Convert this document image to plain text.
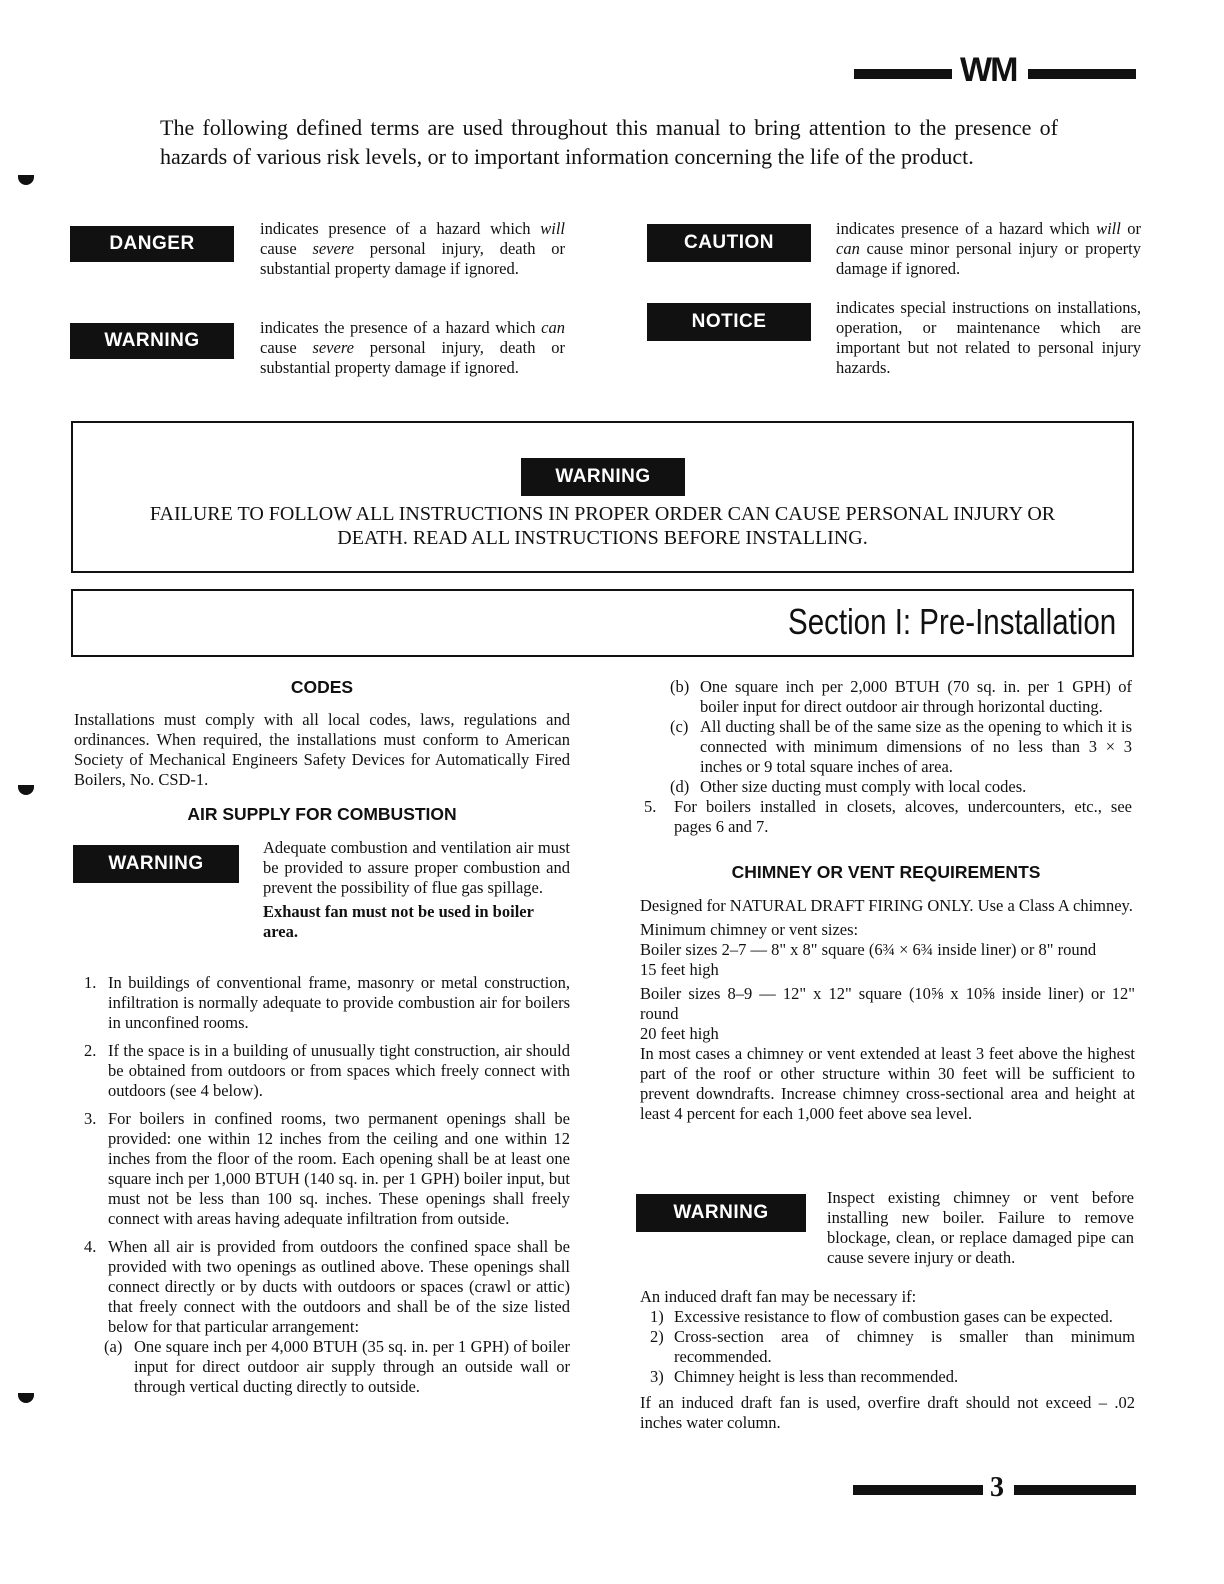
WM
The following defined terms are used throughout this manual to bring attention to the presence of hazards of various risk levels, or to important information concerning the life of the product.
DANGER
indicates presence of a hazard which will cause severe personal injury, death or substantial property damage if ignored.
WARNING
indicates the presence of a hazard which can cause severe personal injury, death or substantial property damage if ignored.
CAUTION
indicates presence of a hazard which will or can cause minor personal injury or property damage if ignored.
NOTICE
indicates special instructions on installations, operation, or maintenance which are important but not related to personal injury hazards.
WARNING
FAILURE TO FOLLOW ALL INSTRUCTIONS IN PROPER ORDER CAN CAUSE PERSONAL INJURY OR
DEATH. READ ALL INSTRUCTIONS BEFORE INSTALLING.
Section I: Pre-Installation
CODES
Installations must comply with all local codes, laws, regulations and ordinances. When required, the installations must conform to American Society of Mechanical Engineers Safety Devices for Automatically Fired Boilers, No. CSD-1.
AIR SUPPLY FOR COMBUSTION
WARNING

Adequate combustion and ventilation air must be provided to assure proper combustion and prevent the possibility of flue gas spillage.

Exhaust fan must not be used in boiler area.

1. In buildings of conventional frame, masonry or metal construction, infiltration is normally adequate to provide combustion air for boilers in unconfined rooms.
2. If the space is in a building of unusually tight construction, air should be obtained from outdoors or from spaces which freely connect with outdoors (see 4 below).
3. For boilers in confined rooms, two permanent openings shall be provided: one within 12 inches from the ceiling and one within 12 inches from the floor of the room. Each opening shall be at least one square inch per 1,000 BTUH (140 sq. in. per 1 GPH) boiler input, but must not be less than 100 sq. inches. These openings shall freely connect with areas having adequate infiltration from outside.
4. When all air is provided from outdoors the confined space shall be provided with two openings as outlined above. These openings shall connect directly or by ducts with outdoors or spaces (crawl or attic) that freely connect with the outdoors and shall be of the size listed below for that particular arrangement:
(a) One square inch per 4,000 BTUH (35 sq. in. per 1 GPH) of boiler input for direct outdoor air supply through an outside wall or through vertical ducting directly to outside.
(b) One square inch per 2,000 BTUH (70 sq. in. per 1 GPH) of boiler input for direct outdoor air through horizontal ducting.
(c) All ducting shall be of the same size as the opening to which it is connected with minimum dimensions of no less than 3 × 3 inches or 9 total square inches of area.
(d) Other size ducting must comply with local codes.
5. For boilers installed in closets, alcoves, undercounters, etc., see pages 6 and 7.
CHIMNEY OR VENT REQUIREMENTS

Designed for NATURAL DRAFT FIRING ONLY. Use a Class A chimney.

Minimum chimney or vent sizes:

Boiler sizes 2–7 — 8" x 8" square (6¾ × 6¾ inside liner) or 8" round

15 feet high

Boiler sizes 8–9 — 12" x 12" square (10⅝ x 10⅝ inside liner) or 12" round

20 feet high

In most cases a chimney or vent extended at least 3 feet above the highest part of the roof or other structure within 30 feet will be sufficient to prevent downdrafts. Increase chimney cross-sectional area and height at least 4 percent for each 1,000 feet above sea level.

WARNING
Inspect existing chimney or vent before installing new boiler. Failure to remove blockage, clean, or replace damaged pipe can cause severe injury or death.

An induced draft fan may be necessary if:

1) Excessive resistance to flow of combustion gases can be expected.
2) Cross-section area of chimney is smaller than minimum recommended.
3) Chimney height is less than recommended.

If an induced draft fan is used, overfire draft should not exceed – .02 inches water column.

3
